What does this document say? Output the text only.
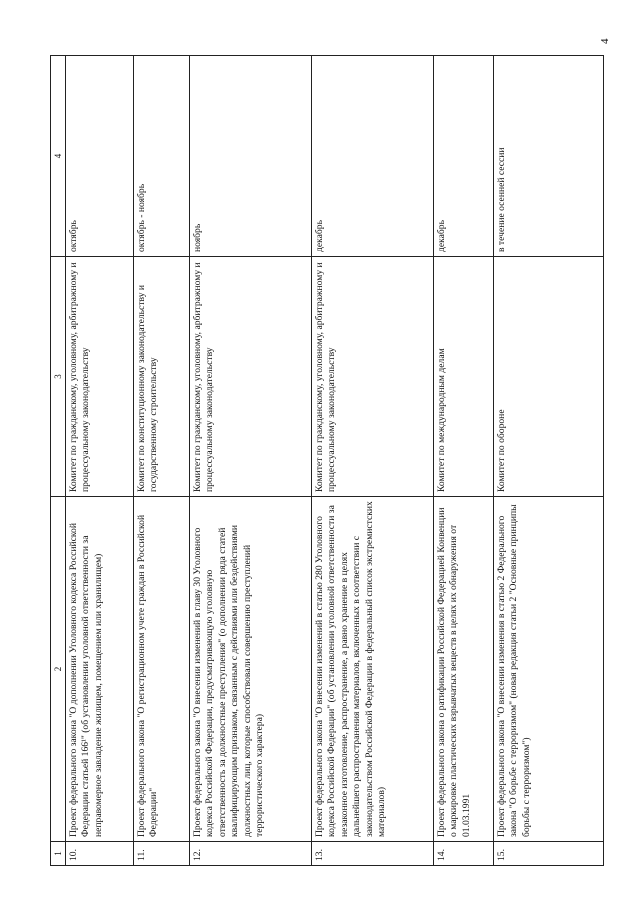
4
1	2	3	4
10.	Проект федерального закона "О дополнении Уголовного кодекса Российской Федерации статьей 166¹" (об установлении уголовной ответственности за неправомерное завладение жилищем, помещением или хранилищем)	Комитет по гражданскому, уголовному, арбитражному и процессуальному законодательству	октябрь
11.	Проект федерального закона "О регистрационном учете граждан в Российской Федерации"	Комитет по конституционному законодательству и государственному строительству	октябрь - ноябрь
12.	Проект федерального закона "О внесении изменений в главу 30 Уголовного кодекса Российской Федерации, предусматривающую уголовную ответственность за должностные преступления" (о дополнении ряда статей квалифицирующим признаком, связанным с действиями или бездействиями должностных лиц, которые способствовали совершению преступлений террористического характера)	Комитет по гражданскому, уголовному, арбитражному и процессуальному законодательству	ноябрь
13.	Проект федерального закона "О внесении изменений в статью 280 Уголовного кодекса Российской Федерации" (об установлении уголовной ответственности за незаконное изготовление, распространение, а равно хранение в целях дальнейшего распространения материалов, включенных в соответствии с законодательством Российской Федерации в федеральный список экстремистских материалов)	Комитет по гражданскому, уголовному, арбитражному и процессуальному законодательству	декабрь
14.	Проект федерального закона о ратификации Российской Федерацией Конвенции о маркировке пластических взрывчатых веществ в целях их обнаружения от 01.03.1991	Комитет по международным делам	декабрь
15.	Проект федерального закона "О внесении изменения в статью 2 Федерального закона "О борьбе с терроризмом" (новая редакция статьи 2 "Основные принципы борьбы с терроризмом")	Комитет по обороне	в течение осенней сессии
